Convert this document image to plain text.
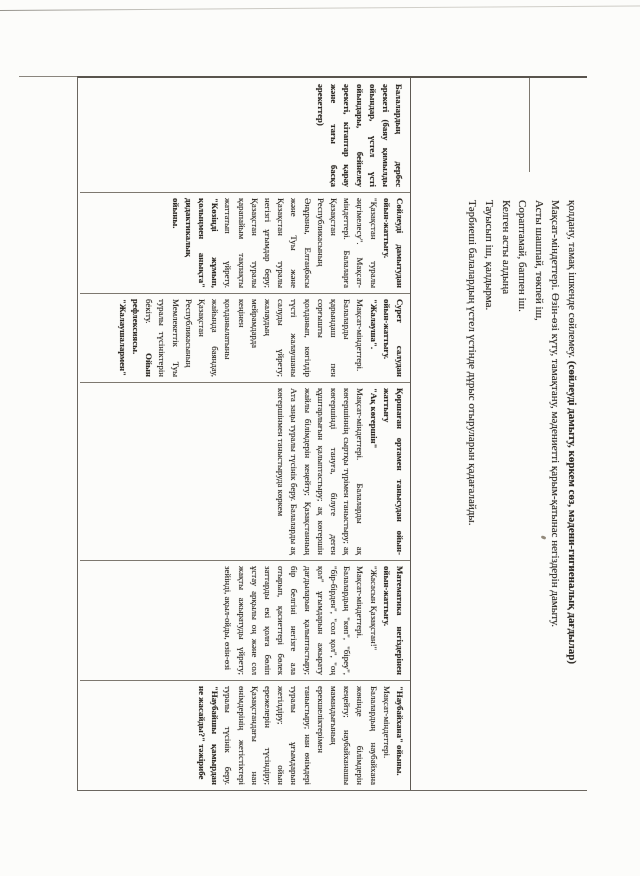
қолдану, тамақ ішкенде сөйлемеу. (сөйлеуді дамыту, көркем сөз, мәдени-гигиеналық дағдылар)

Мақсат-міндеттері. Өзін-өзі күту, тамақтану, мәдениетті қарым-қатынас негіздерін дамыту.

Асты шашпай, төкпей іш,

Сораптамай, баппен іш.

Келген асты алдыңа

Тауысып іш, қалдырма.

Тәрбиеші балалардың үстел үстінде дұрыс отыруларын қадағалайды.

Балалардың дербес әрекеті (баяу қимылды ойындар, үстел үсті ойындары, бейнелеу әрекеті, кітаптар қарау және тағы басқа әрекеттер)
Сөйлеуді дамытудан ойын-жаттығу.
"Қазақстан туралы әңгімелесу". Мақсат-міндеттері. Балаларға Қазақстан Республикасының Әнұраны, Елтаңбасы және Туы және Қазақстан туралы негізгі ұғымдар беру; Қазақстан туралы қарапайым тақпақты жаттатып үйрету. "Көзіңді жұмып, қолыңмен анықта" дидактикалық ойыны.
Сурет салудан ойын-жаттығу.
"Жалауша".
Мақсат-міндеттері. Балаларды қарындаш пен сорғышты қолданып, көгілдір түсті жалаушаны салуды үйрету; жалаудың мейрамдарда кеңінен қолданылатыны жайында баяндау, Қазақстан Республикасының Мемлекеттік Туы туралы түсініктерін бекіту. Ойын рефлексиясы. "Жалаушалармен"
Қоршаған ортамен танысудан ойын-жаттығу
"Ақ көгершін"
Мақсат-міндеттері. Балаларды ақ көгершіннің сыртқы түрімен таныстыру; ақ көгершінді тануға, білуге деген құштарлығын қалыптастыру; ақ көгершін жайлы білімдерін кеңейту; Қазақстанның Ата заңы туралы түсінік беру. Балаларды ақ көгершінмен таныстыруда көркем
Математика негіздерінен ойын-жаттығу.
"Жасасын Қазақстан!"
Мақсат-міндеттері. Балалардың "көп", "біреу", "бір-бірден", "сол қол", "оң қол" ұғымдарын ажырату дағдыларын қалыптастыру; бір белгіні негізге ала отырып, қасиеттері бөлек заттарды екі қолға бөліп ұстау арқылы оң және сол жақты ажыратуды үйрету; зейінді, ақыл-ойды, өзін-өзі
"Наубайхана" ойыны.
Мақсат-міндеттері. Балалардың наубайхана жөнінде білімдерін кеңейту; наубайханашы мамандығының ерекшеліктерімен таныстыру; нан өнімдері туралы ұғымдарын жетілдіру; ойын ережелерін түсіндіру; Қазақстандағы нан өнімдерінің жетістіктері туралы түсінік беру. "Наубайшы қамырдан не жасайды?" тәжірибе
